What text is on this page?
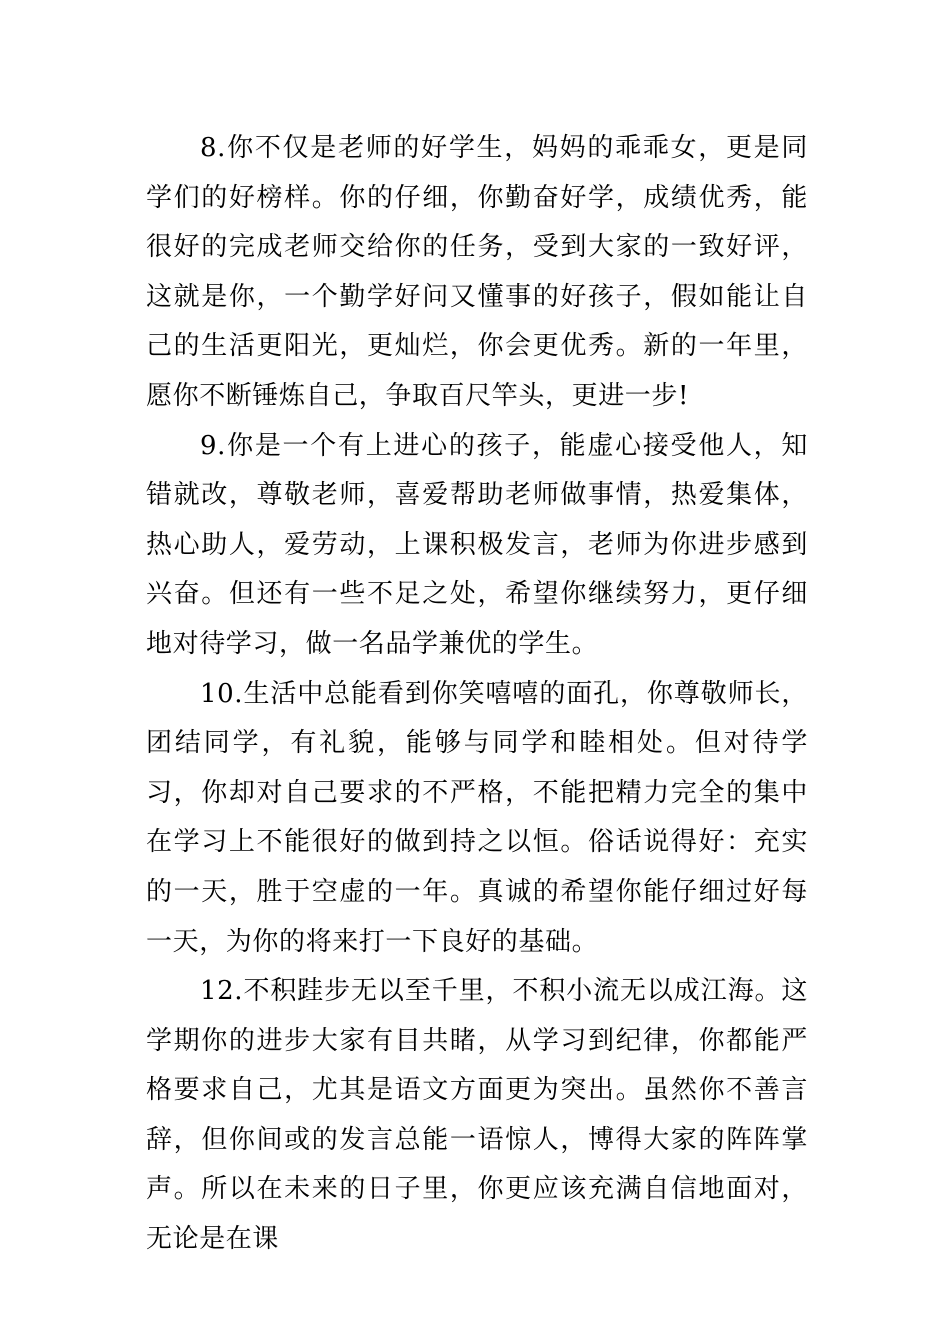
8.你不仅是老师的好学生，妈妈的乖乖女，更是同学们的好榜样。你的仔细，你勤奋好学，成绩优秀，能很好的完成老师交给你的任务，受到大家的一致好评，这就是你，一个勤学好问又懂事的好孩子，假如能让自己的生活更阳光，更灿烂，你会更优秀。新的一年里，愿你不断锤炼自己，争取百尺竿头，更进一步!

9.你是一个有上进心的孩子，能虚心接受他人，知错就改，尊敬老师，喜爱帮助老师做事情，热爱集体，热心助人，爱劳动，上课积极发言，老师为你进步感到兴奋。但还有一些不足之处，希望你继续努力，更仔细地对待学习，做一名品学兼优的学生。

10.生活中总能看到你笑嘻嘻的面孔，你尊敬师长，团结同学，有礼貌，能够与同学和睦相处。但对待学习，你却对自己要求的不严格，不能把精力完全的集中在学习上不能很好的做到持之以恒。俗话说得好：充实的一天，胜于空虚的一年。真诚的希望你能仔细过好每一天，为你的将来打一下良好的基础。

12.不积跬步无以至千里，不积小流无以成江海。这学期你的进步大家有目共睹，从学习到纪律，你都能严格要求自己，尤其是语文方面更为突出。虽然你不善言辞，但你间或的发言总能一语惊人，博得大家的阵阵掌声。所以在未来的日子里，你更应该充满自信地面对，无论是在课
